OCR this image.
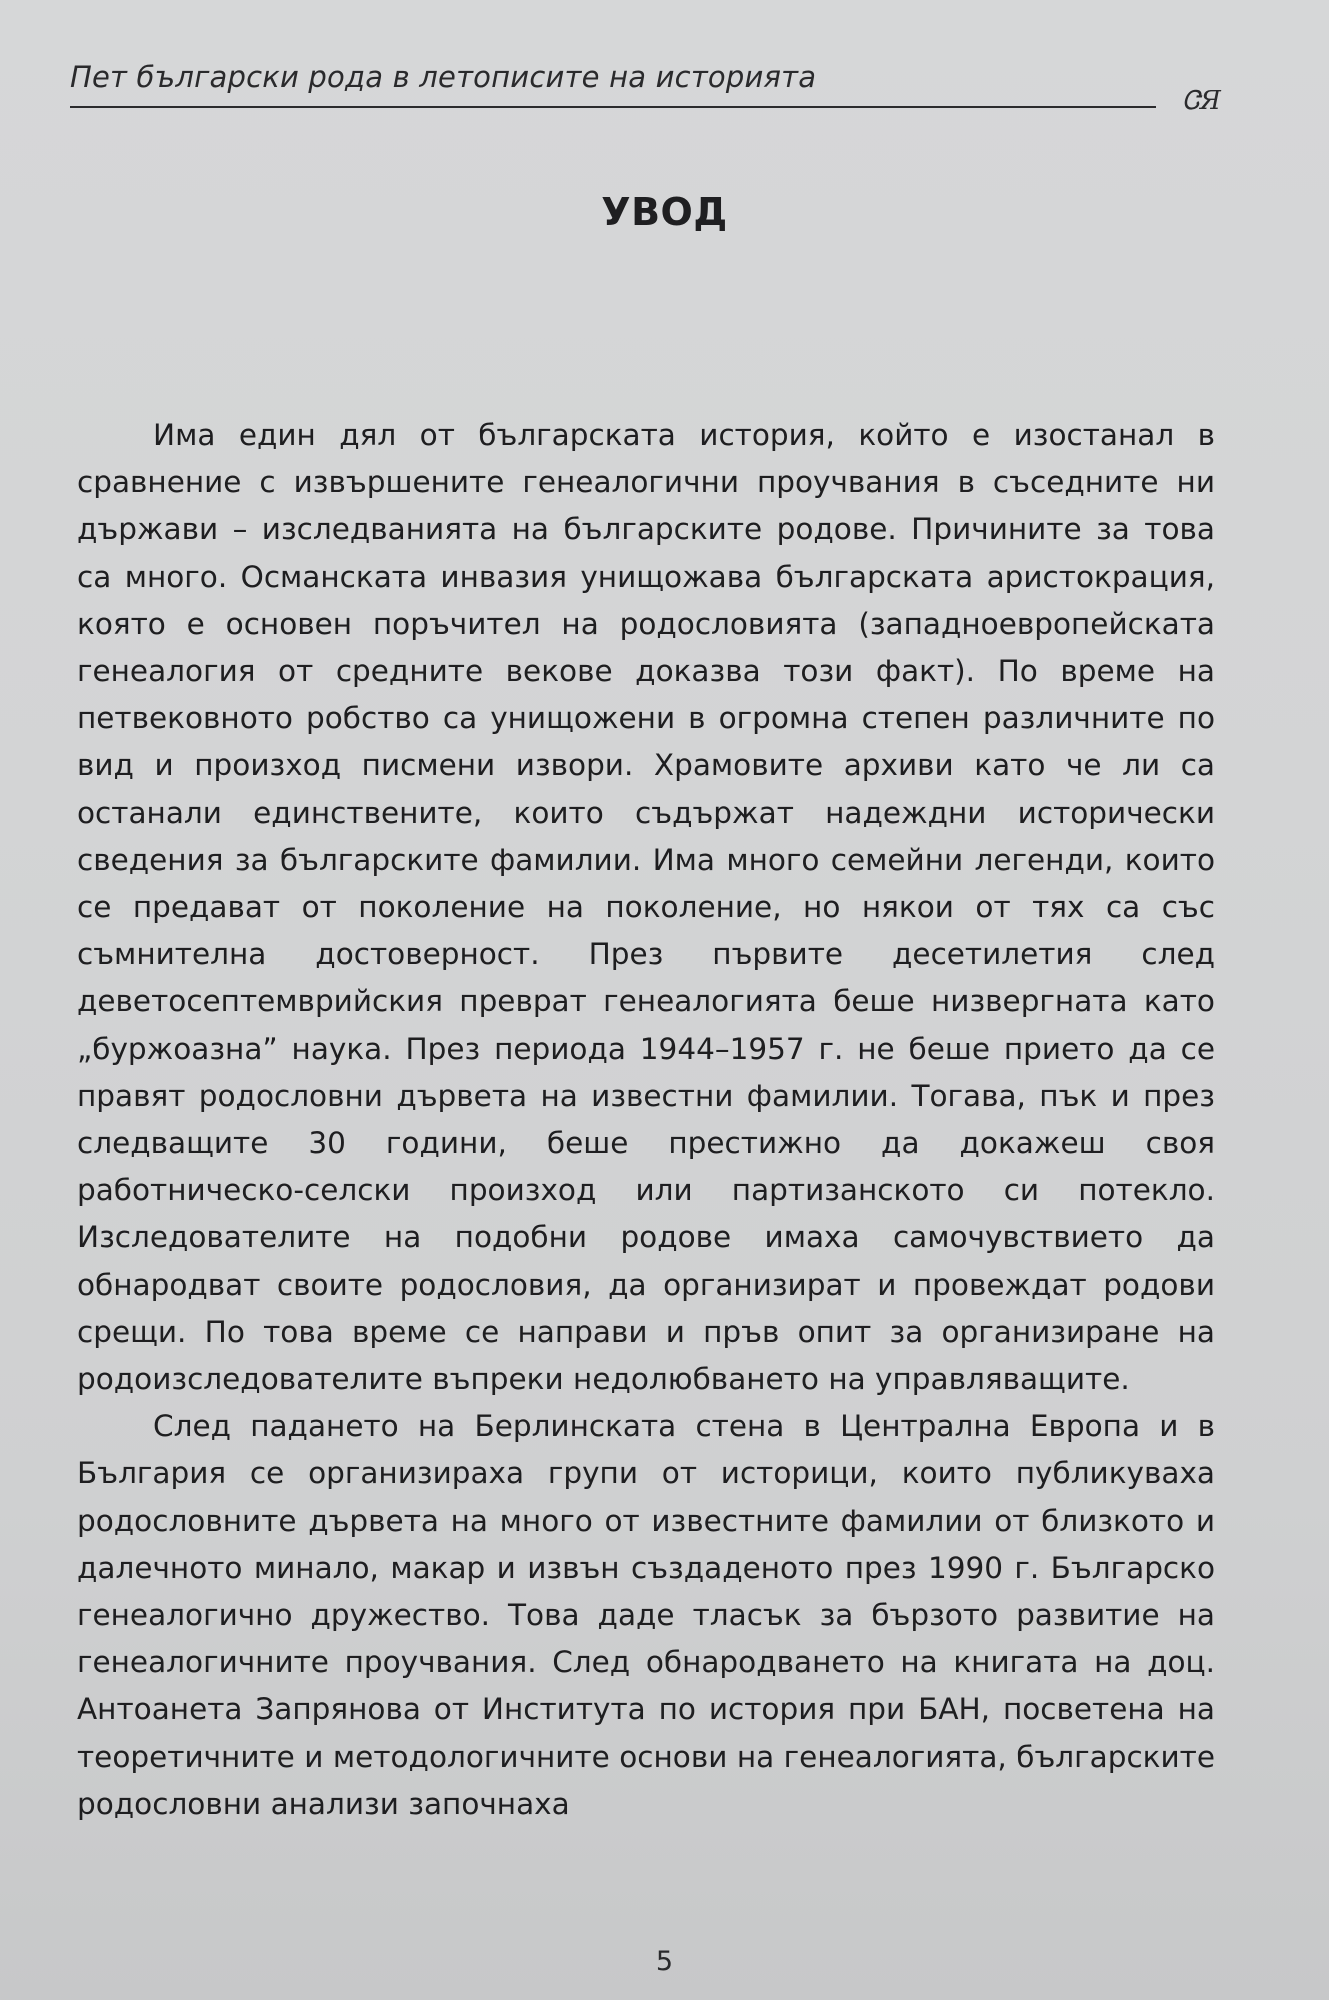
Пет български рода в летописите на историята
ᏣЯ
УВОД

Има един дял от българската история, който е изостанал в сравнение с извършените генеалогични проучвания в съседните ни държави – изследванията на българските родове. Причините за това са много. Османската инвазия унищожава българската аристокрация, която е основен поръчител на родословията (западноевропейската генеалогия от средните векове доказва този факт). По време на петвековното робство са унищожени в огромна степен различните по вид и произход писмени извори. Храмовите архиви като че ли са останали единствените, които съдържат надеждни исторически сведения за българските фамилии. Има много семейни легенди, които се предават от поколение на поколение, но някои от тях са със съмнителна достоверност. През първите десетилетия след деветосептемврийския преврат генеалогията беше низвергната като „буржоазна” наука. През периода 1944–1957 г. не беше прието да се правят родословни дървета на известни фамилии. Тогава, пък и през следващите 30 години, беше престижно да докажеш своя работническо-селски произход или партизанското си потекло. Изследователите на подобни родове имаха самочувствието да обнародват своите родословия, да организират и провеждат родови срещи. По това време се направи и пръв опит за организиране на родоизследователите въпреки недолюбването на управляващите.

След падането на Берлинската стена в Централна Европа и в България се организираха групи от историци, които публикуваха родословните дървета на много от известните фамилии от близкото и далечното минало, макар и извън създаденото през 1990 г. Българско генеалогично дружество. Това даде тласък за бързото развитие на генеалогичните проучвания. След обнародването на книгата на доц. Антоанета Запрянова от Института по история при БАН, посветена на теоретичните и методологичните основи на генеалогията, българските родословни анализи започнаха

5
